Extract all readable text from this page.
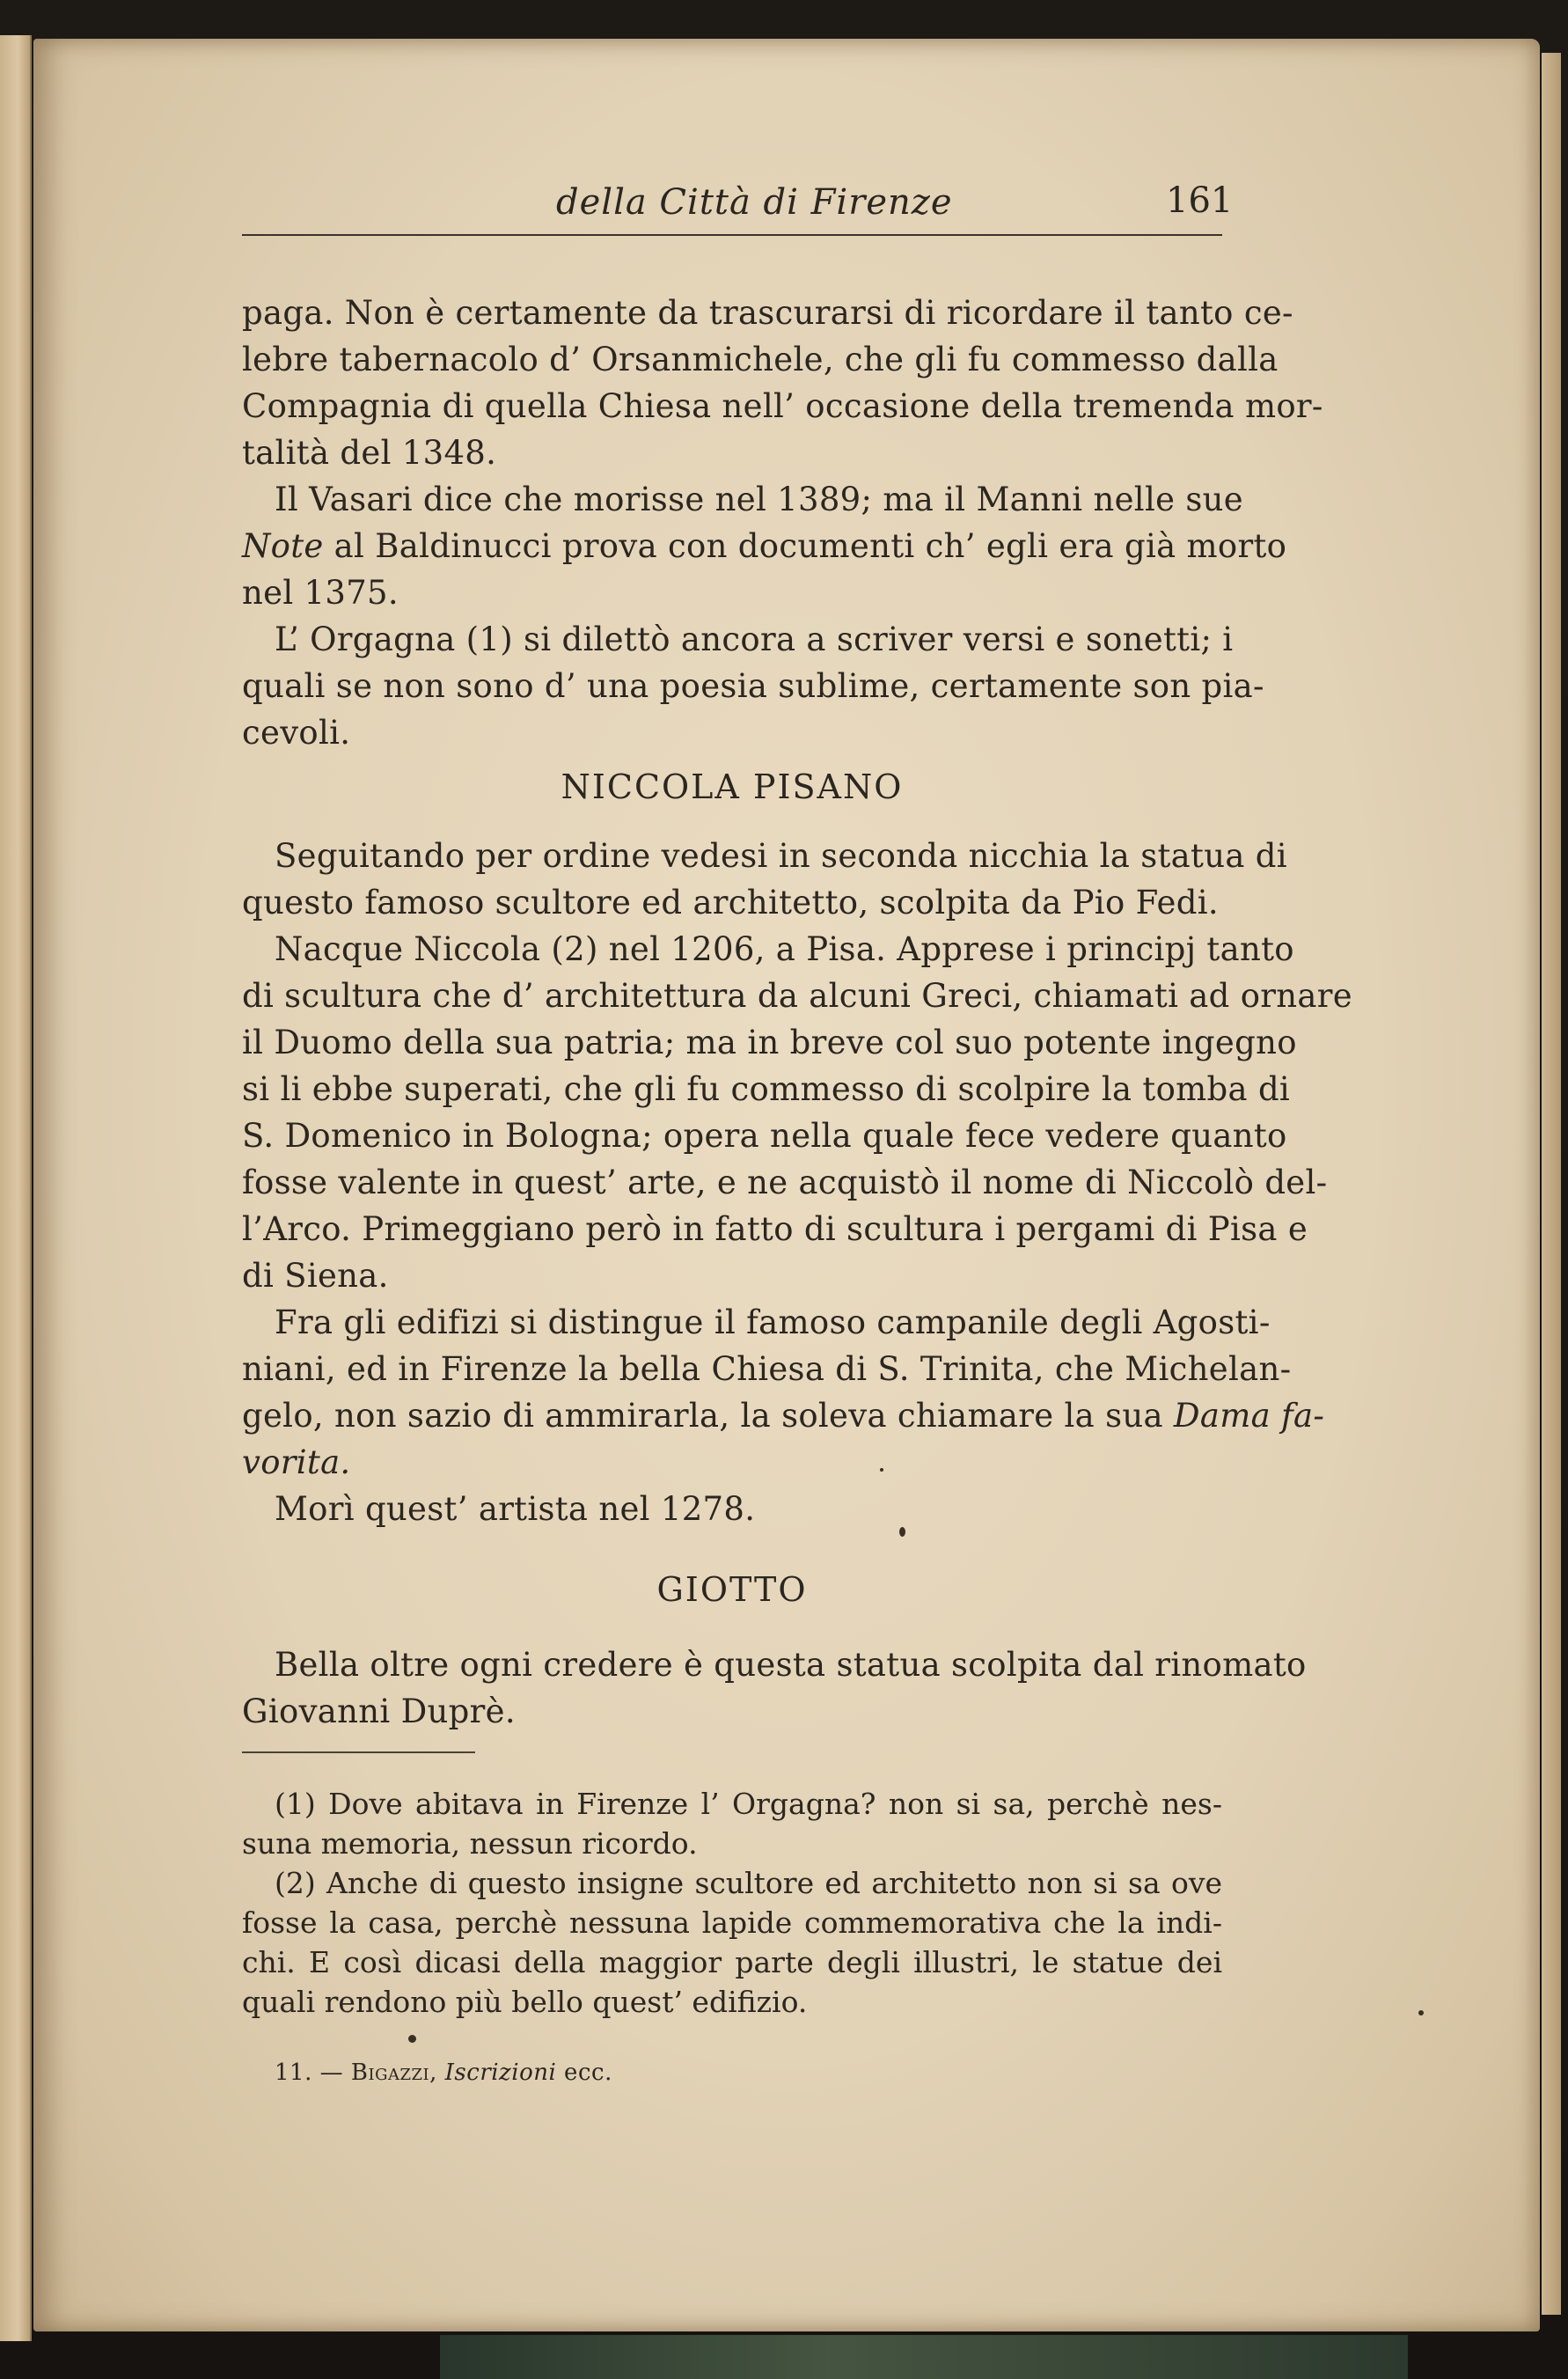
della Città di Firenze	161
paga. Non è certamente da trascurarsi di ricordare il tanto ce-
lebre tabernacolo d’ Orsanmichele, che gli fu commesso dalla
Compagnia di quella Chiesa nell’ occasione della tremenda mor-
talità del 1348.
Il Vasari dice che morisse nel 1389; ma il Manni nelle sue
Note al Baldinucci prova con documenti ch’ egli era già morto
nel 1375.
L’ Orgagna (1) si dilettò ancora a scriver versi e sonetti; i
quali se non sono d’ una poesia sublime, certamente son pia-
cevoli.
NICCOLA PISANO
Seguitando per ordine vedesi in seconda nicchia la statua di
questo famoso scultore ed architetto, scolpita da Pio Fedi.
Nacque Niccola (2) nel 1206, a Pisa. Apprese i principj tanto
di scultura che d’ architettura da alcuni Greci, chiamati ad ornare
il Duomo della sua patria; ma in breve col suo potente ingegno
si li ebbe superati, che gli fu commesso di scolpire la tomba di
S. Domenico in Bologna; opera nella quale fece vedere quanto
fosse valente in quest’ arte, e ne acquistò il nome di Niccolò del-
l’Arco. Primeggiano però in fatto di scultura i pergami di Pisa e
di Siena.
Fra gli edifizi si distingue il famoso campanile degli Agosti-
niani, ed in Firenze la bella Chiesa di S. Trinita, che Michelan-
gelo, non sazio di ammirarla, la soleva chiamare la sua Dama fa-
vorita.
Morì quest’ artista nel 1278.
GIOTTO
Bella oltre ogni credere è questa statua scolpita dal rinomato
Giovanni Duprè.
(1) Dove abitava in Firenze l’ Orgagna? non si sa, perchè nes-
suna memoria, nessun ricordo.
(2) Anche di questo insigne scultore ed architetto non si sa ove
fosse la casa, perchè nessuna lapide commemorativa che la indi-
chi. E così dicasi della maggior parte degli illustri, le statue dei
quali rendono più bello quest’ edifizio.
11. — Bigazzi, Iscrizioni ecc.
